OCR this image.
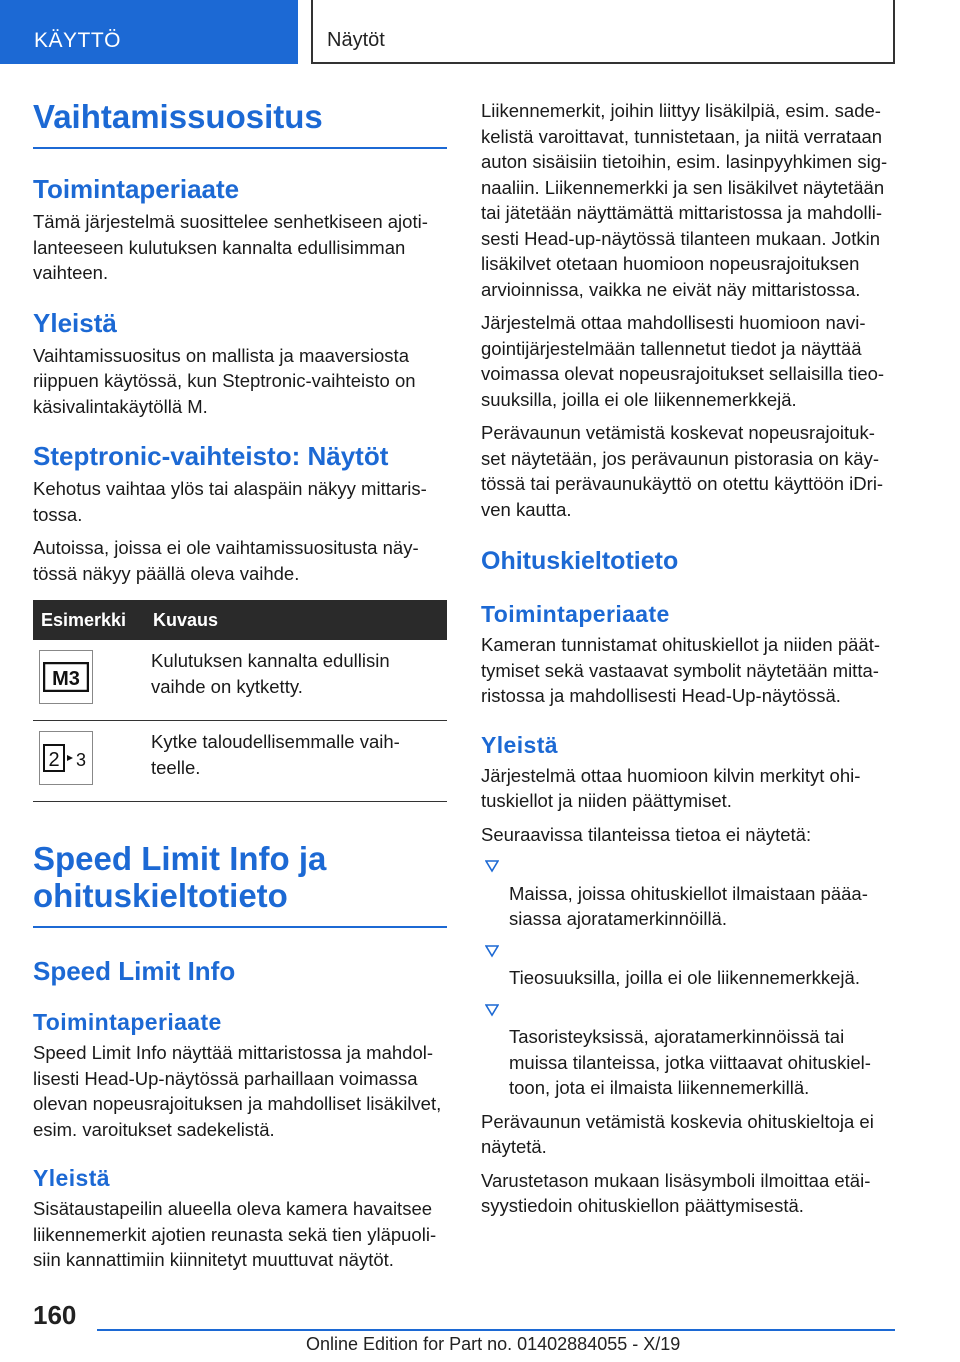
KÄYTTÖ	Näytöt
Vaihtamissuositus
Toimintaperiaate

Tämä järjestelmä suosittelee senhetkiseen ajoti-
lanteeseen kulutuksen kannalta edullisimman
vaihteen.

Yleistä

Vaihtamissuositus on mallista ja maaversiosta
riippuen käytössä, kun Steptronic-vaihteisto on
käsivalintakäytöllä M.

Steptronic-vaihteisto: Näytöt

Kehotus vaihtaa ylös tai alaspäin näkyy mittaris-
tossa.

Autoissa, joissa ei ole vaihtamissuositusta näy-
tössä näkyy päällä oleva vaihde.

Esimerkki	Kuvaus

M3	Kulutuksen kannalta edullisin
vaihde on kytketty.

2 3	Kytke taloudellisemmalle vaih-
teelle.
Speed Limit Info ja
ohituskieltotieto
Speed Limit Info
Toimintaperiaate

Speed Limit Info näyttää mittaristossa ja mahdol-
lisesti Head-Up-näytössä parhaillaan voimassa
olevan nopeusrajoituksen ja mahdolliset lisäkilvet,
esim. varoitukset sadekelistä.

Yleistä

Sisätaustapeilin alueella oleva kamera havaitsee
liikennemerkit ajotien reunasta sekä tien yläpuoli-
siin kannattimiin kiinnitetyt muuttuvat näytöt.

Liikennemerkit, joihin liittyy lisäkilpiä, esim. sade-
kelistä varoittavat, tunnistetaan, ja niitä verrataan
auton sisäisiin tietoihin, esim. lasinpyyhkimen sig-
naaliin. Liikennemerkki ja sen lisäkilvet näytetään
tai jätetään näyttämättä mittaristossa ja mahdolli-
sesti Head-up-näytössä tilanteen mukaan. Jotkin
lisäkilvet otetaan huomioon nopeusrajoituksen
arvioinnissa, vaikka ne eivät näy mittaristossa.

Järjestelmä ottaa mahdollisesti huomioon navi-
gointijärjestelmään tallennetut tiedot ja näyttää
voimassa olevat nopeusrajoitukset sellaisilla tieo-
suuksilla, joilla ei ole liikennemerkkejä.

Perävaunun vetämistä koskevat nopeusrajoituk-
set näytetään, jos perävaunun pistorasia on käy-
tössä tai perävaunukäyttö on otettu käyttöön iDri-
ven kautta.

Ohituskieltotieto
Toimintaperiaate

Kameran tunnistamat ohituskiellot ja niiden päät-
tymiset sekä vastaavat symbolit näytetään mitta-
ristossa ja mahdollisesti Head-Up-näytössä.

Yleistä

Järjestelmä ottaa huomioon kilvin merkityt ohi-
tuskiellot ja niiden päättymiset.

Seuraavissa tilanteissa tietoa ei näytetä:

Maissa, joissa ohituskiellot ilmaistaan pääa-
siassa ajoratamerkinnöillä.

Tieosuuksilla, joilla ei ole liikennemerkkejä.

Tasoristeyksissä, ajoratamerkinnöissä tai
muissa tilanteissa, jotka viittaavat ohituskiel-
toon, jota ei ilmaista liikennemerkillä.

Perävaunun vetämistä koskevia ohituskieltoja ei
näytetä.

Varustetason mukaan lisäsymboli ilmoittaa etäi-
syystiedoin ohituskiellon päättymisestä.

160
Online Edition for Part no. 01402884055 - X/19
